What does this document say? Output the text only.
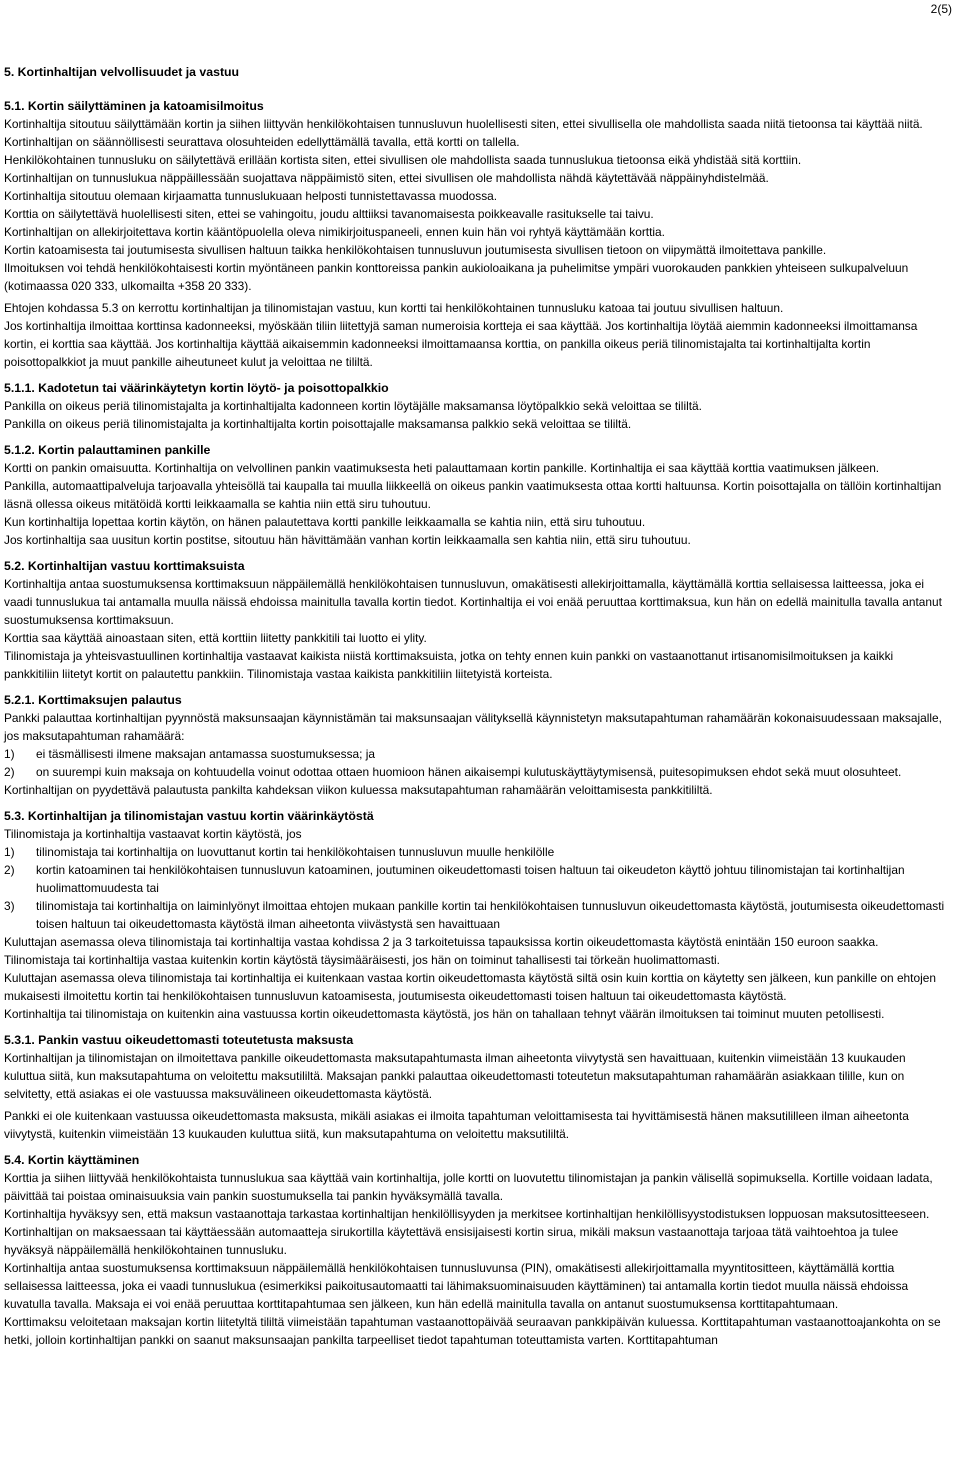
2(5)
5. Kortinhaltijan velvollisuudet ja vastuu
5.1. Kortin säilyttäminen ja katoamisilmoitus

Kortinhaltija sitoutuu säilyttämään kortin ja siihen liittyvän henkilökohtaisen tunnusluvun huolellisesti siten, ettei sivullisella ole mahdollista saada niitä tietoonsa tai käyttää niitä. Kortinhaltijan on säännöllisesti seurattava olosuhteiden edellyttämällä tavalla, että kortti on tallella.

Henkilökohtainen tunnusluku on säilytettävä erillään kortista siten, ettei sivullisen ole mahdollista saada tunnuslukua tietoonsa eikä yhdistää sitä korttiin.

Kortinhaltijan on tunnuslukua näppäillessään suojattava näppäimistö siten, ettei sivullisen ole mahdollista nähdä käytettävää näppäinyhdistelmää.

Kortinhaltija sitoutuu olemaan kirjaamatta tunnuslukuaan helposti tunnistettavassa muodossa.

Korttia on säilytettävä huolellisesti siten, ettei se vahingoitu, joudu alttiiksi tavanomaisesta poikkeavalle rasitukselle tai taivu.

Kortinhaltijan on allekirjoitettava kortin kääntöpuolella oleva nimikirjoituspaneeli, ennen kuin hän voi ryhtyä käyttämään korttia.

Kortin katoamisesta tai joutumisesta sivullisen haltuun taikka henkilökohtaisen tunnusluvun joutumisesta sivullisen tietoon on viipymättä ilmoitettava pankille.

Ilmoituksen voi tehdä henkilökohtaisesti kortin myöntäneen pankin konttoreissa pankin aukioloaikana ja puhelimitse ympäri vuorokauden pankkien yhteiseen sulkupalveluun (kotimaassa 020 333, ulkomailta +358 20 333).

Ehtojen kohdassa 5.3 on kerrottu kortinhaltijan ja tilinomistajan vastuu, kun kortti tai henkilökohtainen tunnusluku katoaa tai joutuu sivullisen haltuun.

Jos kortinhaltija ilmoittaa korttinsa kadonneeksi, myöskään tiliin liitettyjä saman numeroisia kortteja ei saa käyttää. Jos kortinhaltija löytää aiemmin kadonneeksi ilmoittamansa kortin, ei korttia saa käyttää. Jos kortinhaltija käyttää aikaisemmin kadonneeksi ilmoittamaansa korttia, on pankilla oikeus periä tilinomistajalta tai kortinhaltijalta kortin poisottopalkkiot ja muut pankille aiheutuneet kulut ja veloittaa ne tililtä.

5.1.1. Kadotetun tai väärinkäytetyn kortin löytö- ja poisottopalkkio

Pankilla on oikeus periä tilinomistajalta ja kortinhaltijalta kadonneen kortin löytäjälle maksamansa löytöpalkkio sekä veloittaa se tililtä.

Pankilla on oikeus periä tilinomistajalta ja kortinhaltijalta kortin poisottajalle maksamansa palkkio sekä veloittaa se tililtä.

5.1.2. Kortin palauttaminen pankille

Kortti on pankin omaisuutta. Kortinhaltija on velvollinen pankin vaatimuksesta heti palauttamaan kortin pankille. Kortinhaltija ei saa käyttää korttia vaatimuksen jälkeen.

Pankilla, automaattipalveluja tarjoavalla yhteisöllä tai kaupalla tai muulla liikkeellä on oikeus pankin vaatimuksesta ottaa kortti haltuunsa. Kortin poisottajalla on tällöin kortinhaltijan läsnä ollessa oikeus mitätöidä kortti leikkaamalla se kahtia niin että siru tuhoutuu.

Kun kortinhaltija lopettaa kortin käytön, on hänen palautettava kortti pankille leikkaamalla se kahtia niin, että siru tuhoutuu.

Jos kortinhaltija saa uusitun kortin postitse, sitoutuu hän hävittämään vanhan kortin leikkaamalla sen kahtia niin, että siru tuhoutuu.

5.2. Kortinhaltijan vastuu korttimaksuista

Kortinhaltija antaa suostumuksensa korttimaksuun näppäilemällä henkilökohtaisen tunnusluvun, omakätisesti allekirjoittamalla, käyttämällä korttia sellaisessa laitteessa, joka ei vaadi tunnuslukua tai antamalla muulla näissä ehdoissa mainitulla tavalla kortin tiedot. Kortinhaltija ei voi enää peruuttaa korttimaksua, kun hän on edellä mainitulla tavalla antanut suostumuksensa korttimaksuun.

Korttia saa käyttää ainoastaan siten, että korttiin liitetty pankkitili tai luotto ei ylity.

Tilinomistaja ja yhteisvastuullinen kortinhaltija vastaavat kaikista niistä korttimaksuista, jotka on tehty ennen kuin pankki on vastaanottanut irtisanomisilmoituksen ja kaikki pankkitiliin liitetyt kortit on palautettu pankkiin. Tilinomistaja vastaa kaikista pankkitiliin liitetyistä korteista.

5.2.1. Korttimaksujen palautus

Pankki palauttaa kortinhaltijan pyynnöstä maksunsaajan käynnistämän tai maksunsaajan välityksellä käynnistetyn maksutapahtuman rahamäärän kokonaisuudessaan maksajalle, jos maksutapahtuman rahamäärä:

1) ei täsmällisesti ilmene maksajan antamassa suostumuksessa; ja
2) on suurempi kuin maksaja on kohtuudella voinut odottaa ottaen huomioon hänen aikaisempi kulutuskäyttäytymisensä, puitesopimuksen ehdot sekä muut olosuhteet.

Kortinhaltijan on pyydettävä palautusta pankilta kahdeksan viikon kuluessa maksutapahtuman rahamäärän veloittamisesta pankkitililtä.

5.3. Kortinhaltijan ja tilinomistajan vastuu kortin väärinkäytöstä

Tilinomistaja ja kortinhaltija vastaavat kortin käytöstä, jos

1) tilinomistaja tai kortinhaltija on luovuttanut kortin tai henkilökohtaisen tunnusluvun muulle henkilölle
2) kortin katoaminen tai henkilökohtaisen tunnusluvun katoaminen, joutuminen oikeudettomasti toisen haltuun tai oikeudeton käyttö johtuu tilinomistajan tai kortinhaltijan huolimattomuudesta tai
3) tilinomistaja tai kortinhaltija on laiminlyönyt ilmoittaa ehtojen mukaan pankille kortin tai henkilökohtaisen tunnusluvun oikeudettomasta käytöstä, joutumisesta oikeudettomasti toisen haltuun tai oikeudettomasta käytöstä ilman aiheetonta viivästystä sen havaittuaan

Kuluttajan asemassa oleva tilinomistaja tai kortinhaltija vastaa kohdissa 2 ja 3 tarkoitetuissa tapauksissa kortin oikeudettomasta käytöstä enintään 150 euroon saakka.

Tilinomistaja tai kortinhaltija vastaa kuitenkin kortin käytöstä täysimääräisesti, jos hän on toiminut tahallisesti tai törkeän huolimattomasti.

Kuluttajan asemassa oleva tilinomistaja tai kortinhaltija ei kuitenkaan vastaa kortin oikeudettomasta käytöstä siltä osin kuin korttia on käytetty sen jälkeen, kun pankille on ehtojen mukaisesti ilmoitettu kortin tai henkilökohtaisen tunnusluvun katoamisesta, joutumisesta oikeudettomasti toisen haltuun tai oikeudettomasta käytöstä.

Kortinhaltija tai tilinomistaja on kuitenkin aina vastuussa kortin oikeudettomasta käytöstä, jos hän on tahallaan tehnyt väärän ilmoituksen tai toiminut muuten petollisesti.

5.3.1. Pankin vastuu oikeudettomasti toteutetusta maksusta

Kortinhaltijan ja tilinomistajan on ilmoitettava pankille oikeudettomasta maksutapahtumasta ilman aiheetonta viivytystä sen havaittuaan, kuitenkin viimeistään 13 kuukauden kuluttua siitä, kun maksutapahtuma on veloitettu maksutililtä. Maksajan pankki palauttaa oikeudettomasti toteutetun maksutapahtuman rahamäärän asiakkaan tilille, kun on selvitetty, että asiakas ei ole vastuussa maksuvälineen oikeudettomasta käytöstä.

Pankki ei ole kuitenkaan vastuussa oikeudettomasta maksusta, mikäli asiakas ei ilmoita tapahtuman veloittamisesta tai hyvittämisestä hänen maksutililleen ilman aiheetonta viivytystä, kuitenkin viimeistään 13 kuukauden kuluttua siitä, kun maksutapahtuma on veloitettu maksutililtä.

5.4. Kortin käyttäminen

Korttia ja siihen liittyvää henkilökohtaista tunnuslukua saa käyttää vain kortinhaltija, jolle kortti on luovutettu tilinomistajan ja pankin välisellä sopimuksella. Kortille voidaan ladata, päivittää tai poistaa ominaisuuksia vain pankin suostumuksella tai pankin hyväksymällä tavalla.

Kortinhaltija hyväksyy sen, että maksun vastaanottaja tarkastaa kortinhaltijan henkilöllisyyden ja merkitsee kortinhaltijan henkilöllisyystodistuksen loppuosan maksutositteeseen.

Kortinhaltijan on maksaessaan tai käyttäessään automaatteja sirukortilla käytettävä ensisijaisesti kortin sirua, mikäli maksun vastaanottaja tarjoaa tätä vaihtoehtoa ja tulee hyväksyä näppäilemällä henkilökohtainen tunnusluku.

Kortinhaltija antaa suostumuksensa korttimaksuun näppäilemällä henkilökohtaisen tunnusluvunsa (PIN), omakätisesti allekirjoittamalla myyntitositteen, käyttämällä korttia sellaisessa laitteessa, joka ei vaadi tunnuslukua (esimerkiksi paikoitusautomaatti tai lähimaksuominaisuuden käyttäminen) tai antamalla kortin tiedot muulla näissä ehdoissa kuvatulla tavalla. Maksaja ei voi enää peruuttaa korttitapahtumaa sen jälkeen, kun hän edellä mainitulla tavalla on antanut suostumuksensa korttitapahtumaan.

Korttimaksu veloitetaan maksajan kortin liitetyltä tililtä viimeistään tapahtuman vastaanottopäivää seuraavan pankkipäivän kuluessa. Korttitapahtuman vastaanottoajankohta on se hetki, jolloin kortinhaltijan pankki on saanut maksunsaajan pankilta tarpeelliset tiedot tapahtuman toteuttamista varten. Korttitapahtuman
